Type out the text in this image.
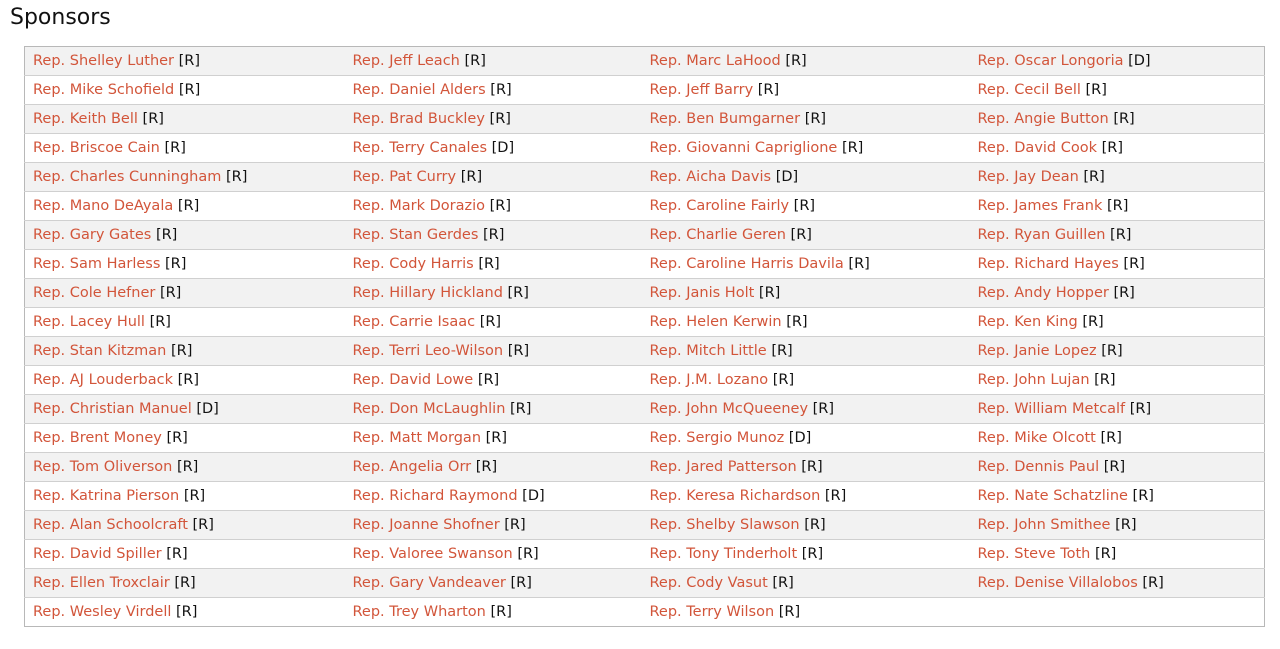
Sponsors
Rep. Shelley Luther [R]	Rep. Jeff Leach [R]	Rep. Marc LaHood [R]	Rep. Oscar Longoria [D]
Rep. Mike Schofield [R]	Rep. Daniel Alders [R]	Rep. Jeff Barry [R]	Rep. Cecil Bell [R]
Rep. Keith Bell [R]	Rep. Brad Buckley [R]	Rep. Ben Bumgarner [R]	Rep. Angie Button [R]
Rep. Briscoe Cain [R]	Rep. Terry Canales [D]	Rep. Giovanni Capriglione [R]	Rep. David Cook [R]
Rep. Charles Cunningham [R]	Rep. Pat Curry [R]	Rep. Aicha Davis [D]	Rep. Jay Dean [R]
Rep. Mano DeAyala [R]	Rep. Mark Dorazio [R]	Rep. Caroline Fairly [R]	Rep. James Frank [R]
Rep. Gary Gates [R]	Rep. Stan Gerdes [R]	Rep. Charlie Geren [R]	Rep. Ryan Guillen [R]
Rep. Sam Harless [R]	Rep. Cody Harris [R]	Rep. Caroline Harris Davila [R]	Rep. Richard Hayes [R]
Rep. Cole Hefner [R]	Rep. Hillary Hickland [R]	Rep. Janis Holt [R]	Rep. Andy Hopper [R]
Rep. Lacey Hull [R]	Rep. Carrie Isaac [R]	Rep. Helen Kerwin [R]	Rep. Ken King [R]
Rep. Stan Kitzman [R]	Rep. Terri Leo-Wilson [R]	Rep. Mitch Little [R]	Rep. Janie Lopez [R]
Rep. AJ Louderback [R]	Rep. David Lowe [R]	Rep. J.M. Lozano [R]	Rep. John Lujan [R]
Rep. Christian Manuel [D]	Rep. Don McLaughlin [R]	Rep. John McQueeney [R]	Rep. William Metcalf [R]
Rep. Brent Money [R]	Rep. Matt Morgan [R]	Rep. Sergio Munoz [D]	Rep. Mike Olcott [R]
Rep. Tom Oliverson [R]	Rep. Angelia Orr [R]	Rep. Jared Patterson [R]	Rep. Dennis Paul [R]
Rep. Katrina Pierson [R]	Rep. Richard Raymond [D]	Rep. Keresa Richardson [R]	Rep. Nate Schatzline [R]
Rep. Alan Schoolcraft [R]	Rep. Joanne Shofner [R]	Rep. Shelby Slawson [R]	Rep. John Smithee [R]
Rep. David Spiller [R]	Rep. Valoree Swanson [R]	Rep. Tony Tinderholt [R]	Rep. Steve Toth [R]
Rep. Ellen Troxclair [R]	Rep. Gary Vandeaver [R]	Rep. Cody Vasut [R]	Rep. Denise Villalobos [R]
Rep. Wesley Virdell [R]	Rep. Trey Wharton [R]	Rep. Terry Wilson [R]	
